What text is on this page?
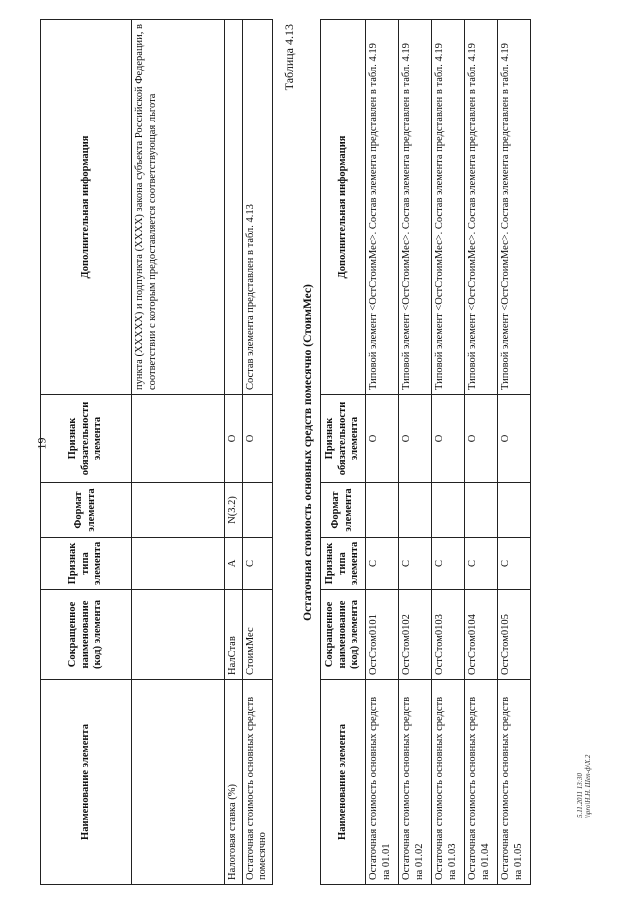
19
Наименование элемента	Сокращенное наименование (код) элемента	Признак типа элемента	Формат элемента	Признак обязательности элемента	Дополнительная информация
					пункта (XXXXX) и подпункта (XXXX) закона субъекта Российской Федерации, в соответствии с которым предоставляется соответствующая льгота
Налоговая ставка (%)	НалСтав	А	N(3.2)	О	
Остаточная стоимость основных средств помесячно	СтоимМес	С		О	Состав элемента представлен в табл. 4.13
Таблица 4.13
Остаточная стоимость основных средств помесячно (СтоимМес)
Наименование элемента	Сокращенное наименование (код) элемента	Признак типа элемента	Формат элемента	Признак обязательности элемента	Дополнительная информация
Остаточная стоимость основных средств на 01.01	ОстСтом0101	С		О	Типовой элемент <ОстСтоимМес>. Состав элемента представлен в табл. 4.19
Остаточная стоимость основных средств на 01.02	ОстСтом0102	С		О	Типовой элемент <ОстСтоимМес>. Состав элемента представлен в табл. 4.19
Остаточная стоимость основных средств на 01.03	ОстСтом0103	С		О	Типовой элемент <ОстСтоимМес>. Состав элемента представлен в табл. 4.19
Остаточная стоимость основных средств на 01.04	ОстСтом0104	С		О	Типовой элемент <ОстСтоимМес>. Состав элемента представлен в табл. 4.19
Остаточная стоимость основных средств на 01.05	ОстСтом0105	С		О	Типовой элемент <ОстСтоимМес>. Состав элемента представлен в табл. 4.19
5.11.2011 13:30 \\pro\Н.Н. Шеп-ф\Х.2
